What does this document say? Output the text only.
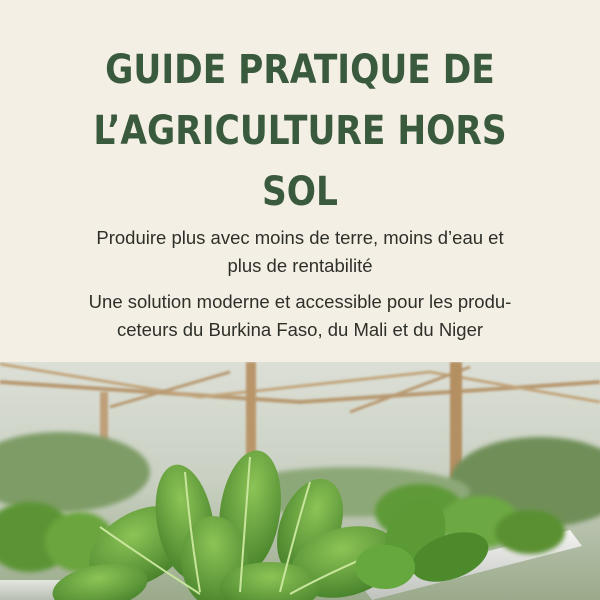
GUIDE PRATIQUE DE
L’AGRICULTURE HORS
SOL

Produire plus avec moins de terre, moins d’eau et
plus de rentabilité

Une solution moderne et accessible pour les produ-
ceteurs du Burkina Faso, du Mali et du Niger
